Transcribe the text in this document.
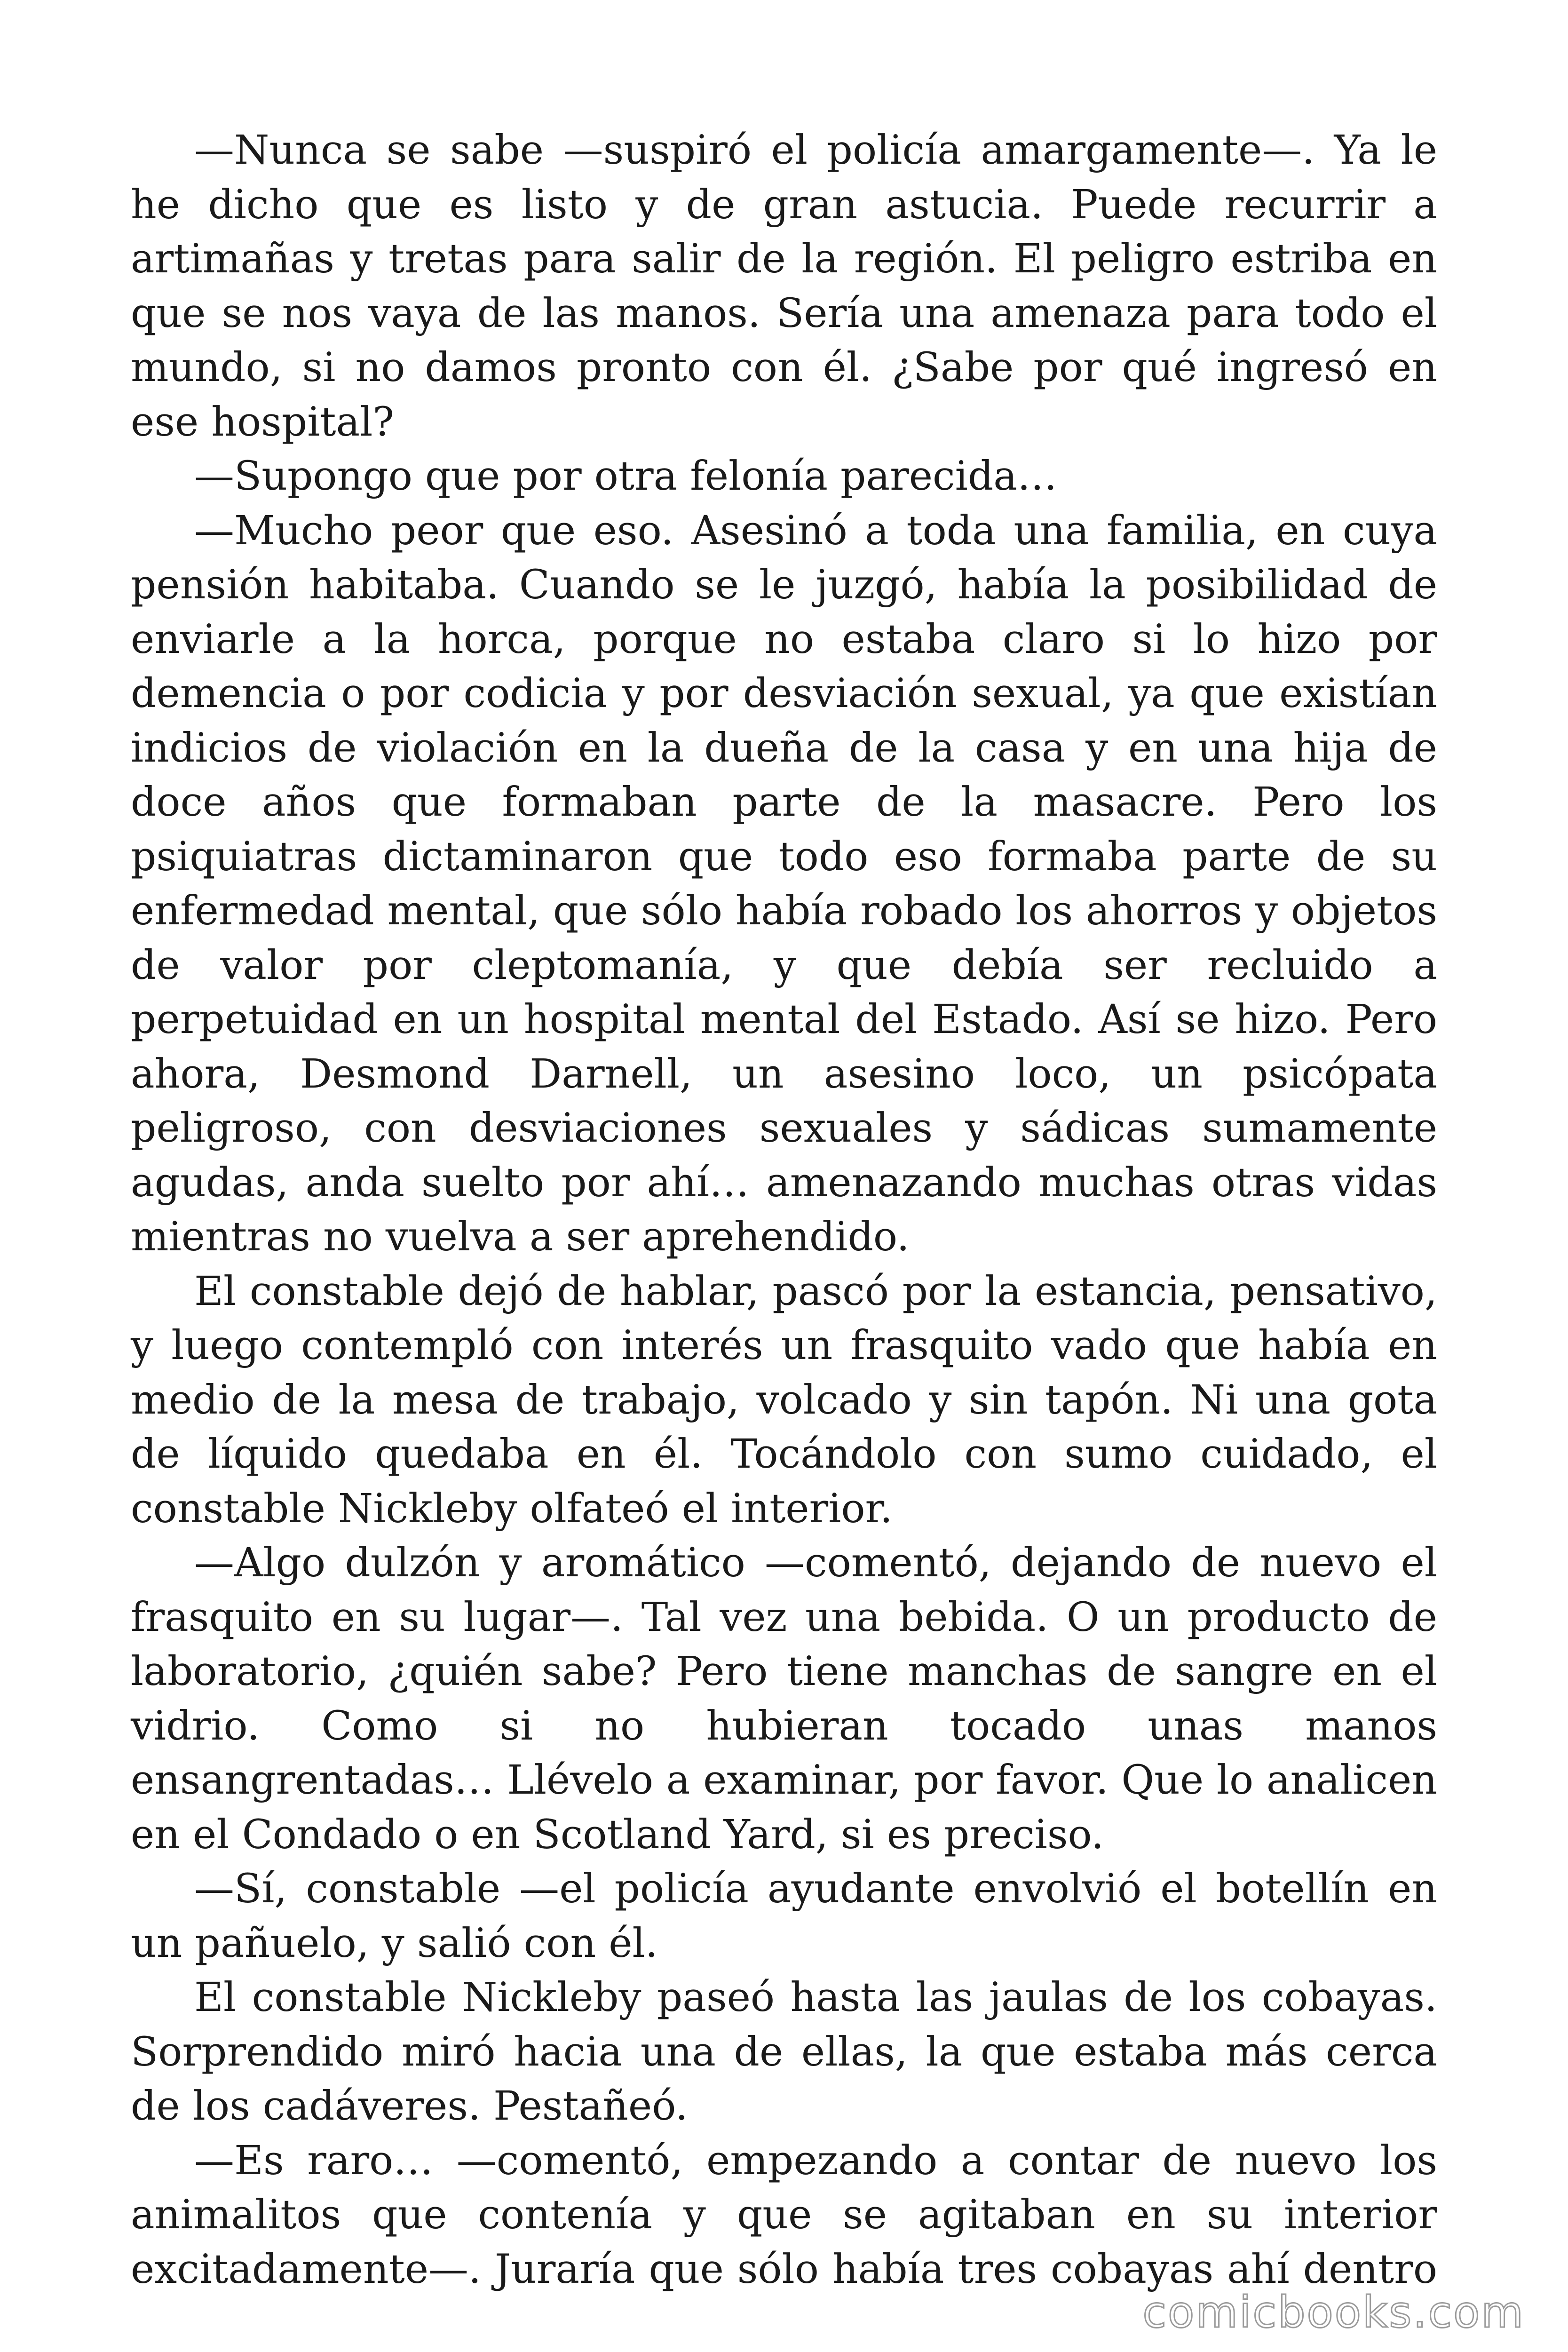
—Nunca se sabe —suspiró el policía amargamente—. Ya le he dicho que es listo y de gran astucia. Puede recurrir a artimañas y tretas para salir de la región. El peligro estriba en que se nos vaya de las manos. Sería una amenaza para todo el mundo, si no damos pronto con él. ¿Sabe por qué ingresó en ese hospital?

—Supongo que por otra felonía parecida…

—Mucho peor que eso. Asesinó a toda una familia, en cuya pensión habitaba. Cuando se le juzgó, había la posibilidad de enviarle a la horca, porque no estaba claro si lo hizo por demencia o por codicia y por desviación sexual, ya que existían indicios de violación en la dueña de la casa y en una hija de doce años que formaban parte de la masacre. Pero los psiquiatras dictaminaron que todo eso formaba parte de su enfermedad mental, que sólo había robado los ahorros y objetos de valor por cleptomanía, y que debía ser recluido a perpetuidad en un hospital mental del Estado. Así se hizo. Pero ahora, Desmond Darnell, un asesino loco, un psicópata peligroso, con desviaciones sexuales y sádicas sumamente agudas, anda suelto por ahí… amenazando muchas otras vidas mientras no vuelva a ser aprehendido.

El constable dejó de hablar, pascó por la estancia, pensativo, y luego contempló con interés un frasquito vado que había en medio de la mesa de trabajo, volcado y sin tapón. Ni una gota de líquido quedaba en él. Tocándolo con sumo cuidado, el constable Nickleby olfateó el interior.

—Algo dulzón y aromático —comentó, dejando de nuevo el frasquito en su lugar—. Tal vez una bebida. O un producto de laboratorio, ¿quién sabe? Pero tiene manchas de sangre en el vidrio. Como si no hubieran tocado unas manos ensangrentadas… Llévelo a examinar, por favor. Que lo analicen en el Condado o en Scotland Yard, si es preciso.

—Sí, constable —el policía ayudante envolvió el botellín en un pañuelo, y salió con él.

El constable Nickleby paseó hasta las jaulas de los cobayas. Sorprendido miró hacia una de ellas, la que estaba más cerca de los cadáveres. Pestañeó.

—Es raro… —comentó, empezando a contar de nuevo los animalitos que contenía y que se agitaban en su interior excitadamente—. Juraría que sólo había tres cobayas ahí dentro

comicbooks.com
